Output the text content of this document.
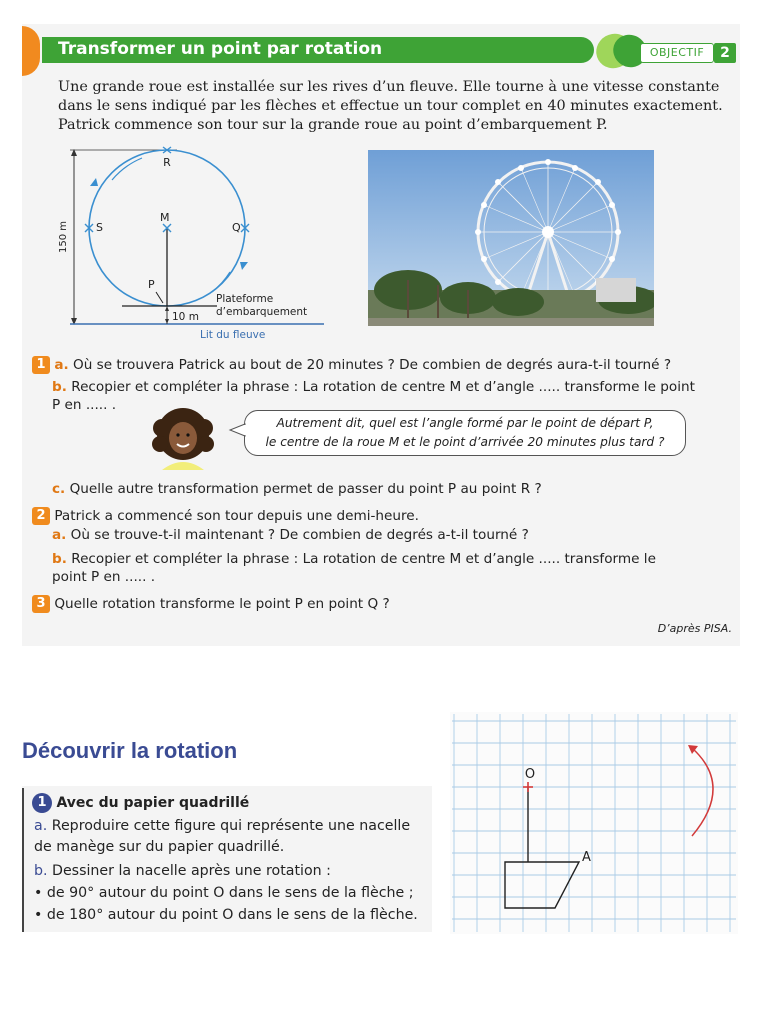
Transformer un point par rotation	OBJECTIF	2
Une grande roue est installée sur les rives d’un fleuve. Elle tourne à une vitesse constante
dans le sens indiqué par les flèches et effectue un tour complet en 40 minutes exactement.
Patrick commence son tour sur la grande roue au point d’embarquement P.
R
S	Q
M
P
150 m
10 m
Plateforme
d’embarquement
Lit du fleuve
1 a. Où se trouvera Patrick au bout de 20 minutes ? De combien de degrés aura-t-il tourné ?
b. Recopier et compléter la phrase : La rotation de centre M et d’angle ..... transforme le point
P en ..... .
Autrement dit, quel est l’angle formé par le point de départ P,
le centre de la roue M et le point d’arrivée 20 minutes plus tard ?
c. Quelle autre transformation permet de passer du point P au point R ?
2 Patrick a commencé son tour depuis une demi-heure.
a. Où se trouve-t-il maintenant ? De combien de degrés a-t-il tourné ?
b. Recopier et compléter la phrase : La rotation de centre M et d’angle ..... transforme le
point P en ..... .
3 Quelle rotation transforme le point P en point Q ?
D’après PISA.
Découvrir la rotation
1 Avec du papier quadrillé
a. Reproduire cette figure qui représente une nacelle
de manège sur du papier quadrillé.
b. Dessiner la nacelle après une rotation :
• de 90° autour du point O dans le sens de la flèche ;
• de 180° autour du point O dans le sens de la flèche.
O
A
